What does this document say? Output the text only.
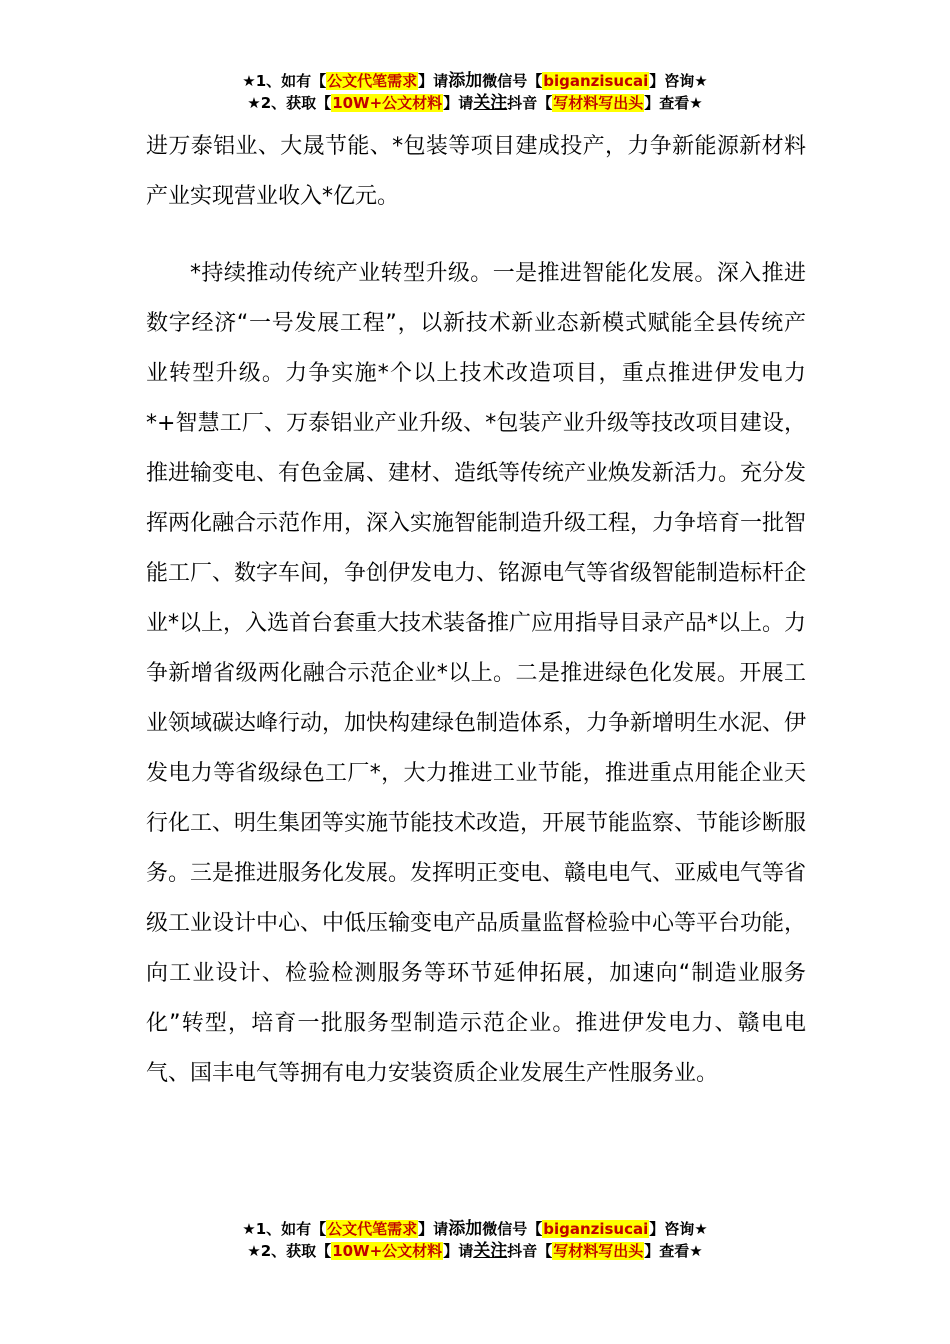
★1、如有【公文代笔需求】请添加微信号【biganzisucai】咨询★
★2、获取【10W+公文材料】请关注抖音【写材料写出头】查看★

进万泰铝业、大晟节能、*包装等项目建成投产，力争新能源新材料产业实现营业收入*亿元。

*持续推动传统产业转型升级。一是推进智能化发展。深入推进数字经济“一号发展工程”，以新技术新业态新模式赋能全县传统产业转型升级。力争实施*个以上技术改造项目，重点推进伊发电力*+智慧工厂、万泰铝业产业升级、*包装产业升级等技改项目建设，推进输变电、有色金属、建材、造纸等传统产业焕发新活力。充分发挥两化融合示范作用，深入实施智能制造升级工程，力争培育一批智能工厂、数字车间，争创伊发电力、铭源电气等省级智能制造标杆企业*以上，入选首台套重大技术装备推广应用指导目录产品*以上。力争新增省级两化融合示范企业*以上。二是推进绿色化发展。开展工业领域碳达峰行动，加快构建绿色制造体系，力争新增明生水泥、伊发电力等省级绿色工厂*，大力推进工业节能，推进重点用能企业天行化工、明生集团等实施节能技术改造，开展节能监察、节能诊断服务。三是推进服务化发展。发挥明正变电、赣电电气、亚威电气等省级工业设计中心、中低压输变电产品质量监督检验中心等平台功能，向工业设计、检验检测服务等环节延伸拓展，加速向“制造业服务化”转型，培育一批服务型制造示范企业。推进伊发电力、赣电电气、国丰电气等拥有电力安装资质企业发展生产性服务业。

★1、如有【公文代笔需求】请添加微信号【biganzisucai】咨询★
★2、获取【10W+公文材料】请关注抖音【写材料写出头】查看★
